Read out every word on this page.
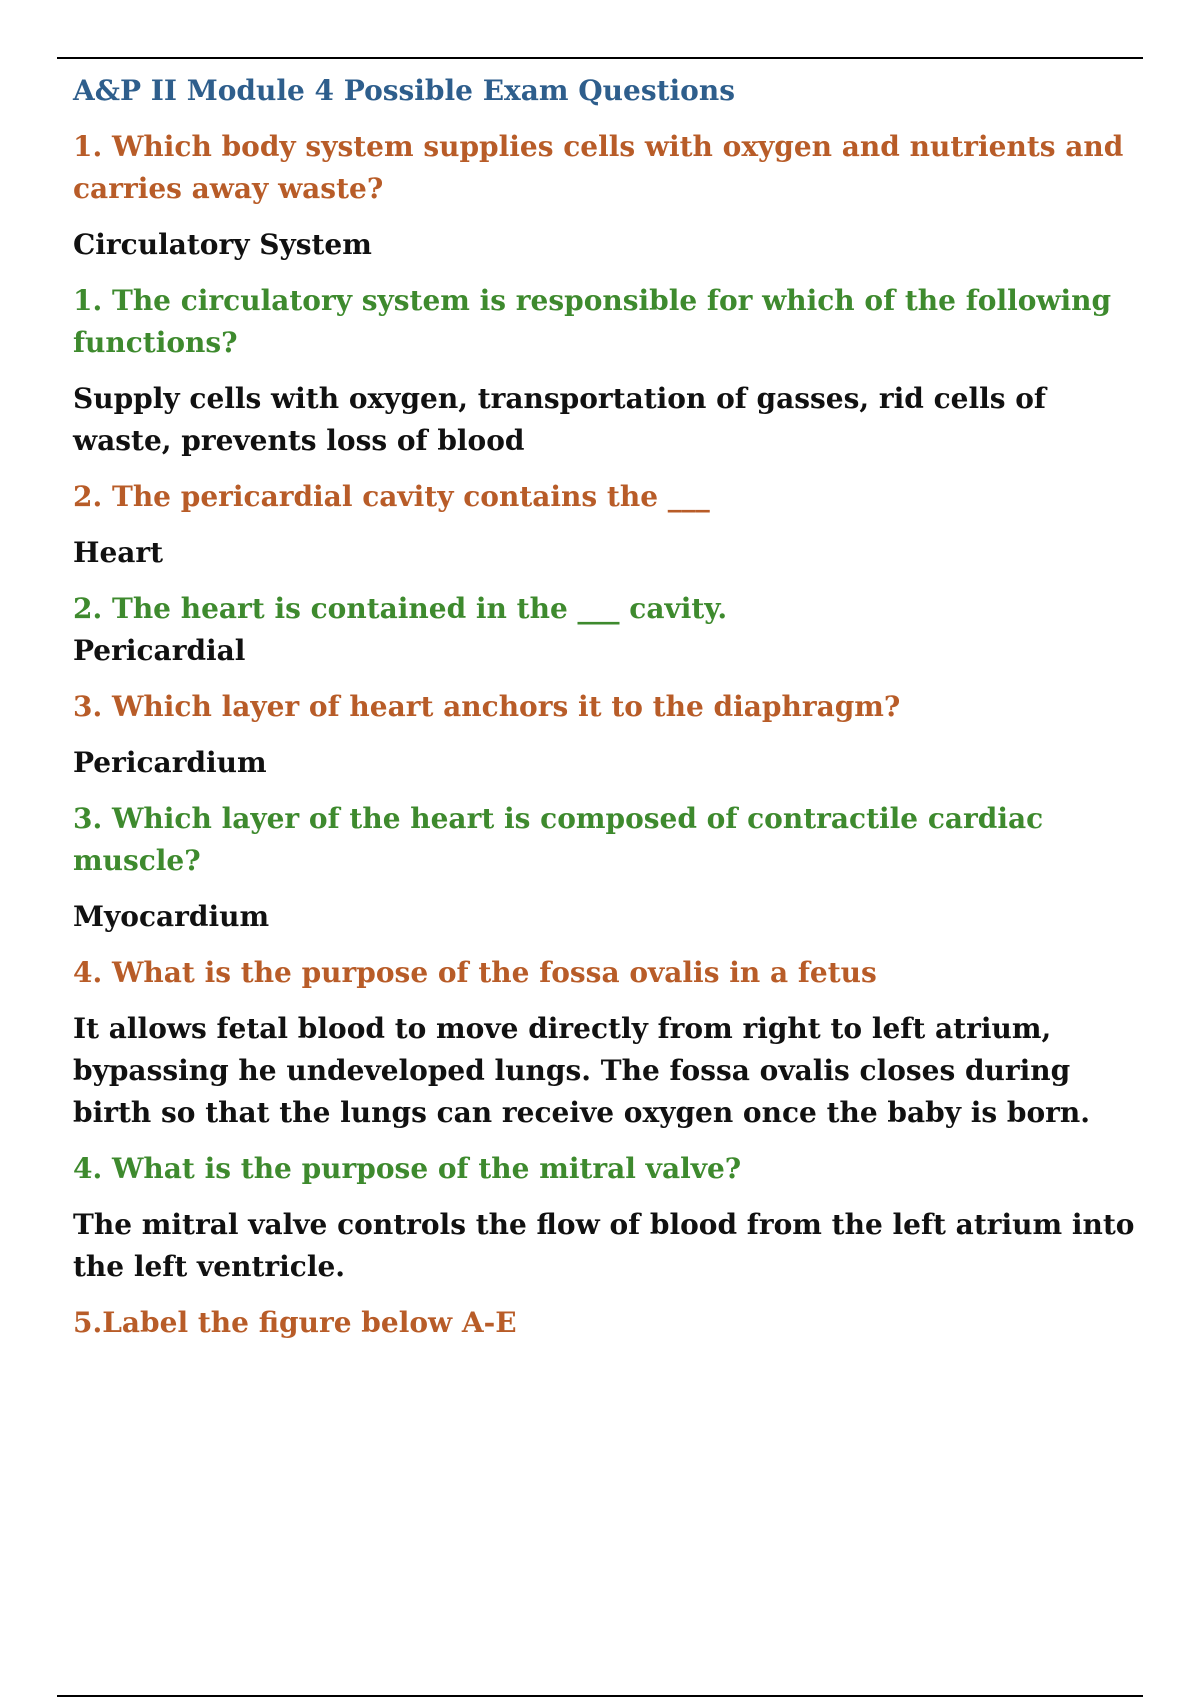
A&P II Module 4 Possible Exam Questions
1. Which body system supplies cells with oxygen and nutrients and carries away waste?
Circulatory System
1. The circulatory system is responsible for which of the following functions?
Supply cells with oxygen, transportation of gasses, rid cells of waste, prevents loss of blood
2. The pericardial cavity contains the ___
Heart
2. The heart is contained in the ___ cavity.
Pericardial
3. Which layer of heart anchors it to the diaphragm?
Pericardium
3. Which layer of the heart is composed of contractile cardiac muscle?
Myocardium
4. What is the purpose of the fossa ovalis in a fetus
It allows fetal blood to move directly from right to left atrium, bypassing he undeveloped lungs. The fossa ovalis closes during birth so that the lungs can receive oxygen once the baby is born.
4. What is the purpose of the mitral valve?
The mitral valve controls the flow of blood from the left atrium into the left ventricle.
5.Label the figure below A-E
